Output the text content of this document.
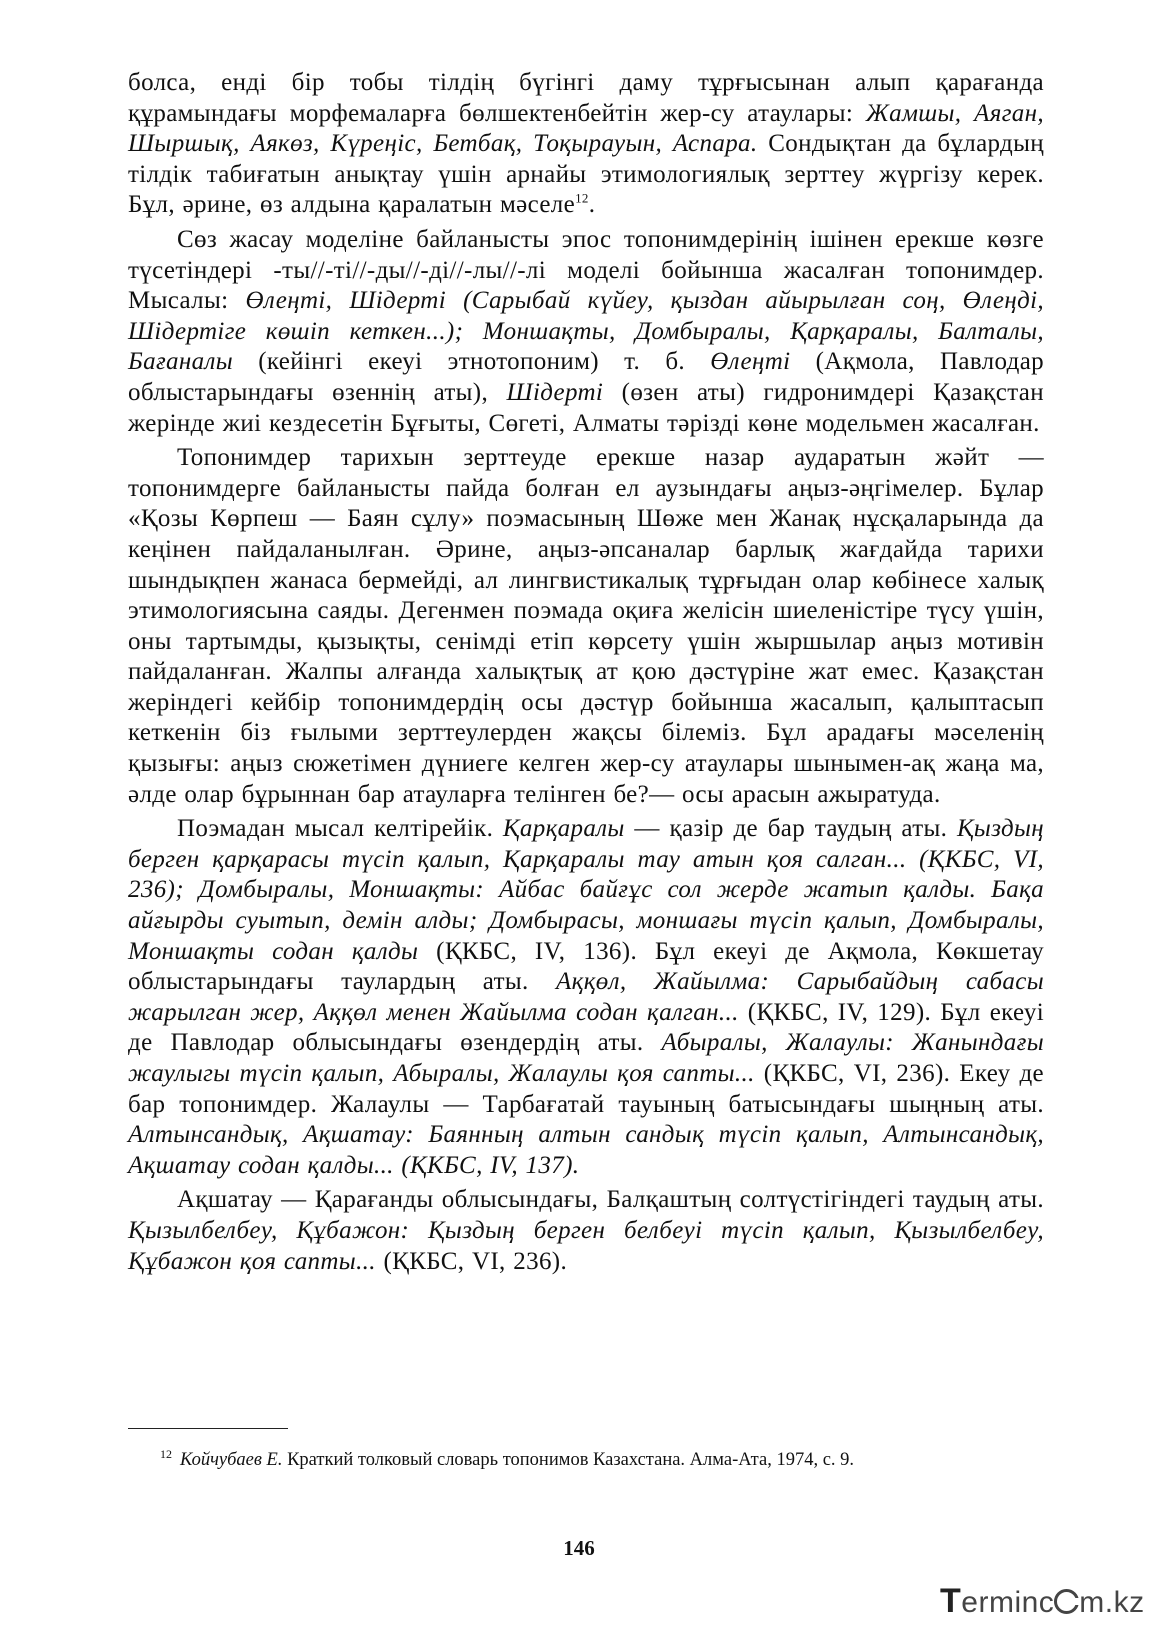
болса, енді бір тобы тілдің бүгінгі даму тұрғысынан алып қарағанда құрамындағы морфемаларға бөлшектенбейтін жер-су атаулары: Жамшы, Аяган, Шыршық, Аякөз, Күреңіс, Бетбақ, Тоқырауын, Аспара. Сондықтан да бұлардың тілдік табиғатын анықтау үшін арнайы этимологиялық зерттеу жүргізу керек. Бұл, әрине, өз алдына қаралатын мәселе$^{12}$.

Сөз жасау моделіне байланысты эпос топонимдерінің ішінен ерекше көзге түсетіндері -ты//-ті//-ды//-ді//-лы//-лі моделі бойынша жасалған топонимдер. Мысалы: Өлеңті, Шідерті (Сарыбай күйеу, қыздан айырылған соң, Өлеңді, Шідертіге көшіп кеткен...); Моншақты, Домбыралы, Қарқаралы, Балталы, Бағаналы (кейінгі екеуі этнотопоним) т. б. Өлеңті (Ақмола, Павлодар облыстарындағы өзеннің аты), Шідерті (өзен аты) гидронимдері Қазақстан жерінде жиі кездесетін Бұғыты, Сөгеті, Алматы тәрізді көне модельмен жасалған.

Топонимдер тарихын зерттеуде ерекше назар аударатын жәйт — топонимдерге байланысты пайда болған ел аузындағы аңыз-әңгімелер. Бұлар «Қозы Көрпеш — Баян сұлу» поэмасының Шөже мен Жанақ нұсқаларында да кеңінен пайдаланылған. Әрине, аңыз-әпсаналар барлық жағдайда тарихи шындықпен жанаса бермейді, ал лингвистикалық тұрғыдан олар көбінесе халық этимологиясына саяды. Дегенмен поэмада оқиға желісін шиеленістіре түсу үшін, оны тартымды, қызықты, сенімді етіп көрсету үшін жыршылар аңыз мотивін пайдаланған. Жалпы алғанда халықтық ат қою дәстүріне жат емес. Қазақстан жеріндегі кейбір топонимдердің осы дәстүр бойынша жасалып, қалыптасып кеткенін біз ғылыми зерттеулерден жақсы білеміз. Бұл арадағы мәселенің қызығы: аңыз сюжетімен дүниеге келген жер-су атаулары шынымен-ақ жаңа ма, әлде олар бұрыннан бар атауларға телінген бе?— осы арасын ажыратуда.

Поэмадан мысал келтірейік. Қарқаралы — қазір де бар таудың аты. Қыздың берген қарқарасы түсіп қалып, Қарқаралы тау атын қоя салган... (ҚКБС, VI, 236); Домбыралы, Моншақты: Айбас байғұс сол жерде жатып қалды. Бақа айғырды суытып, демін алды; Домбырасы, моншағы түсіп қалып, Домбыралы, Моншақты содан қалды (ҚКБС, IV, 136). Бұл екеуі де Ақмола, Көкшетау облыстарындағы таулардың аты. Аққөл, Жайылма: Сарыбайдың сабасы жарылган жер, Аққөл менен Жайылма содан қалган... (ҚКБС, IV, 129). Бұл екеуі де Павлодар облысындағы өзендердің аты. Абыралы, Жалаулы: Жанындағы жаулыгы түсіп қалып, Абыралы, Жалаулы қоя сапты... (ҚКБС, VI, 236). Екеу де бар топонимдер. Жалаулы — Тарбағатай тауының батысындағы шыңның аты. Алтынсандық, Ақшатау: Баянның алтын сандық түсіп қалып, Алтынсандық, Ақшатау содан қалды... (ҚКБС, IV, 137).

Ақшатау — Қарағанды облысындағы, Балқаштың солтүстігіндегі таудың аты. Қызылбелбеу, Құбажон: Қыздың берген белбеуі түсіп қалып, Қызылбелбеу, Құбажон қоя сапты... (ҚКБС, VI, 236).

$^{12}$ Койчубаев Е. Краткий толковый словарь топонимов Казахстана. Алма-Ата, 1974, с. 9.
146
Terminc m.kz
